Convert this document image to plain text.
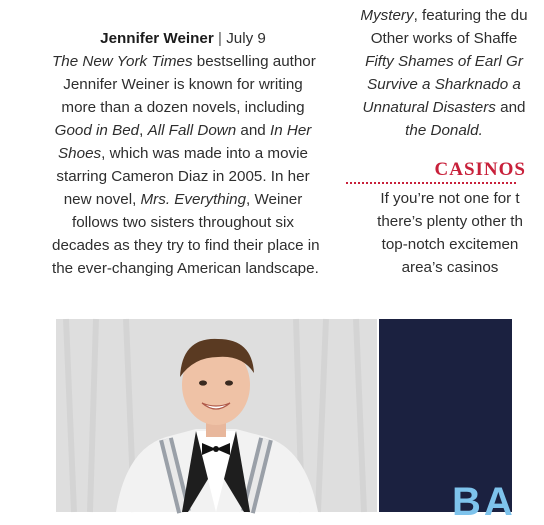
Jennifer Weiner | July 9
The New York Times bestselling author
Jennifer Weiner is known for writing
more than a dozen novels, including
Good in Bed, All Fall Down and In Her
Shoes, which was made into a movie
starring Cameron Diaz in 2005. In her
new novel, Mrs. Everything, Weiner
follows two sisters throughout six
decades as they try to find their place in
the ever-changing American landscape.
Mystery, featuring the du
Other works of Shaffe
Fifty Shames of Earl Gr
Survive a Sharknado a
Unnatural Disasters and
the Donald.
CASINOS
If you’re not one for t
there’s plenty other th
top-notch excitemen
area’s casinos
BA
